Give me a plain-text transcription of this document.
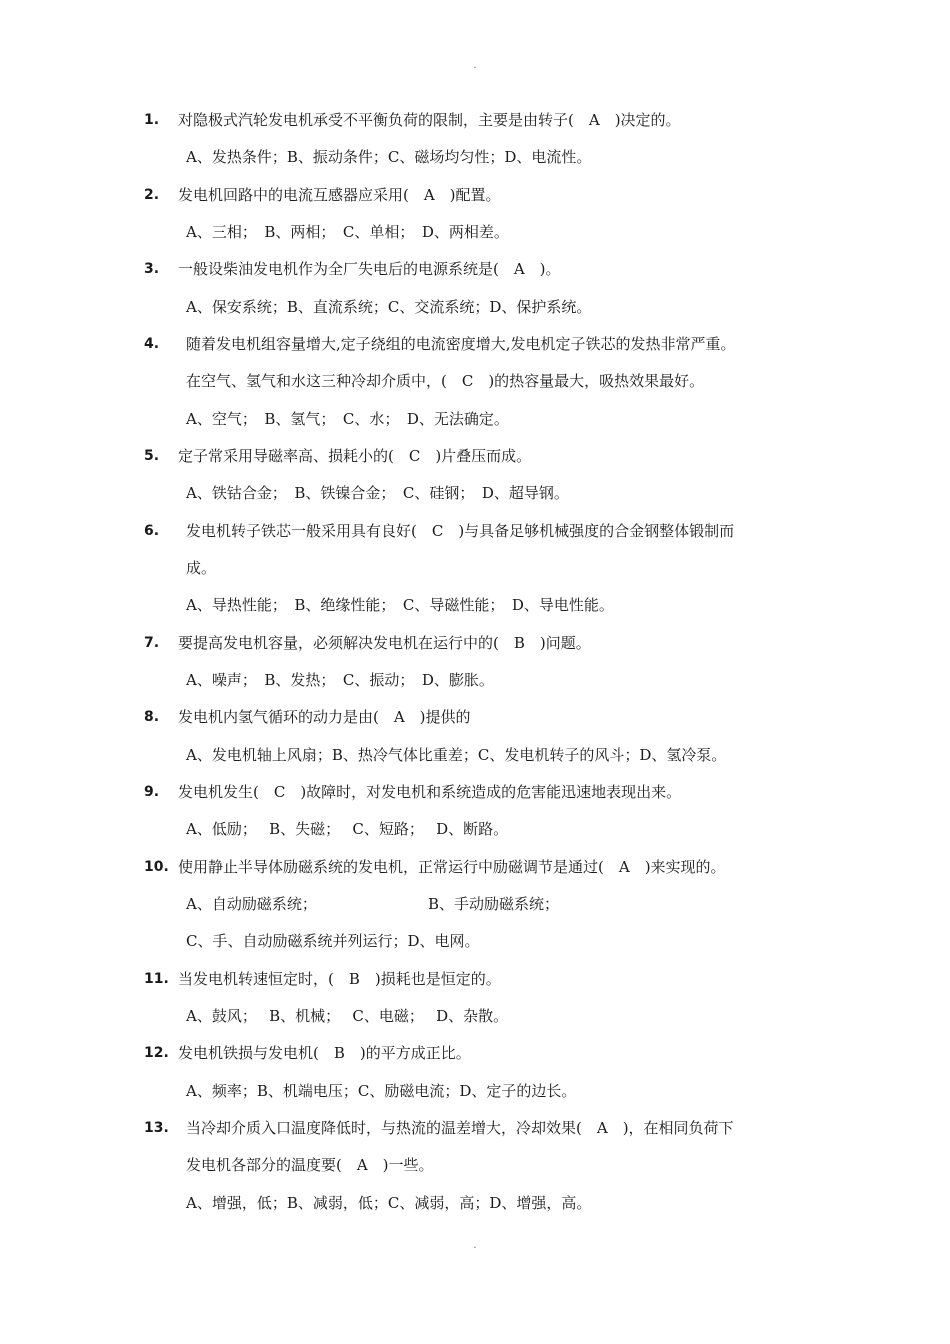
.
1. 对隐极式汽轮发电机承受不平衡负荷的限制，主要是由转子(　A　)决定的。
A、发热条件；B、振动条件；C、磁场均匀性；D、电流性。
2. 发电机回路中的电流互感器应采用(　A　)配置。
A、三相；　B、两相；　C、单相；　D、两相差。
3. 一般设柴油发电机作为全厂失电后的电源系统是(　A　)。
A、保安系统；B、直流系统；C、交流系统；D、保护系统。
4. 随着发电机组容量增大,定子绕组的电流密度增大,发电机定子铁芯的发热非常严重。
在空气、氢气和水这三种冷却介质中，(　C　)的热容量最大，吸热效果最好。
A、空气；　B、氢气；　C、水；　D、无法确定。
5. 定子常采用导磁率高、损耗小的(　C　)片叠压而成。
A、铁钴合金；　B、铁镍合金；　C、硅钢；　D、超导钢。
6. 发电机转子铁芯一般采用具有良好(　C　)与具备足够机械强度的合金钢整体锻制而
成。
A、导热性能；　B、绝缘性能；　C、导磁性能；　D、导电性能。
7. 要提高发电机容量，必须解决发电机在运行中的(　B　)问题。
A、噪声；　B、发热；　C、振动；　D、膨胀。
8. 发电机内氢气循环的动力是由(　A　)提供的
A、发电机轴上风扇；B、热冷气体比重差；C、发电机转子的风斗；D、氢冷泵。
9. 发电机发生(　C　)故障时，对发电机和系统造成的危害能迅速地表现出来。
A、低励；　 B、失磁；　 C、短路；　 D、断路。
10. 使用静止半导体励磁系统的发电机，正常运行中励磁调节是通过(　A　)来实现的。
A、自动励磁系统；	B、手动励磁系统；
C、手、自动励磁系统并列运行；D、电网。
11. 当发电机转速恒定时，(　B　)损耗也是恒定的。
A、鼓风；　 B、机械；　 C、电磁；　 D、杂散。
12. 发电机铁损与发电机(　B　)的平方成正比。
A、频率；B、机端电压；C、励磁电流；D、定子的边长。
13. 当冷却介质入口温度降低时，与热流的温差增大，冷却效果(　A　)，在相同负荷下
发电机各部分的温度要(　A　)一些。
A、增强，低；B、减弱，低；C、减弱，高；D、增强，高。
.
